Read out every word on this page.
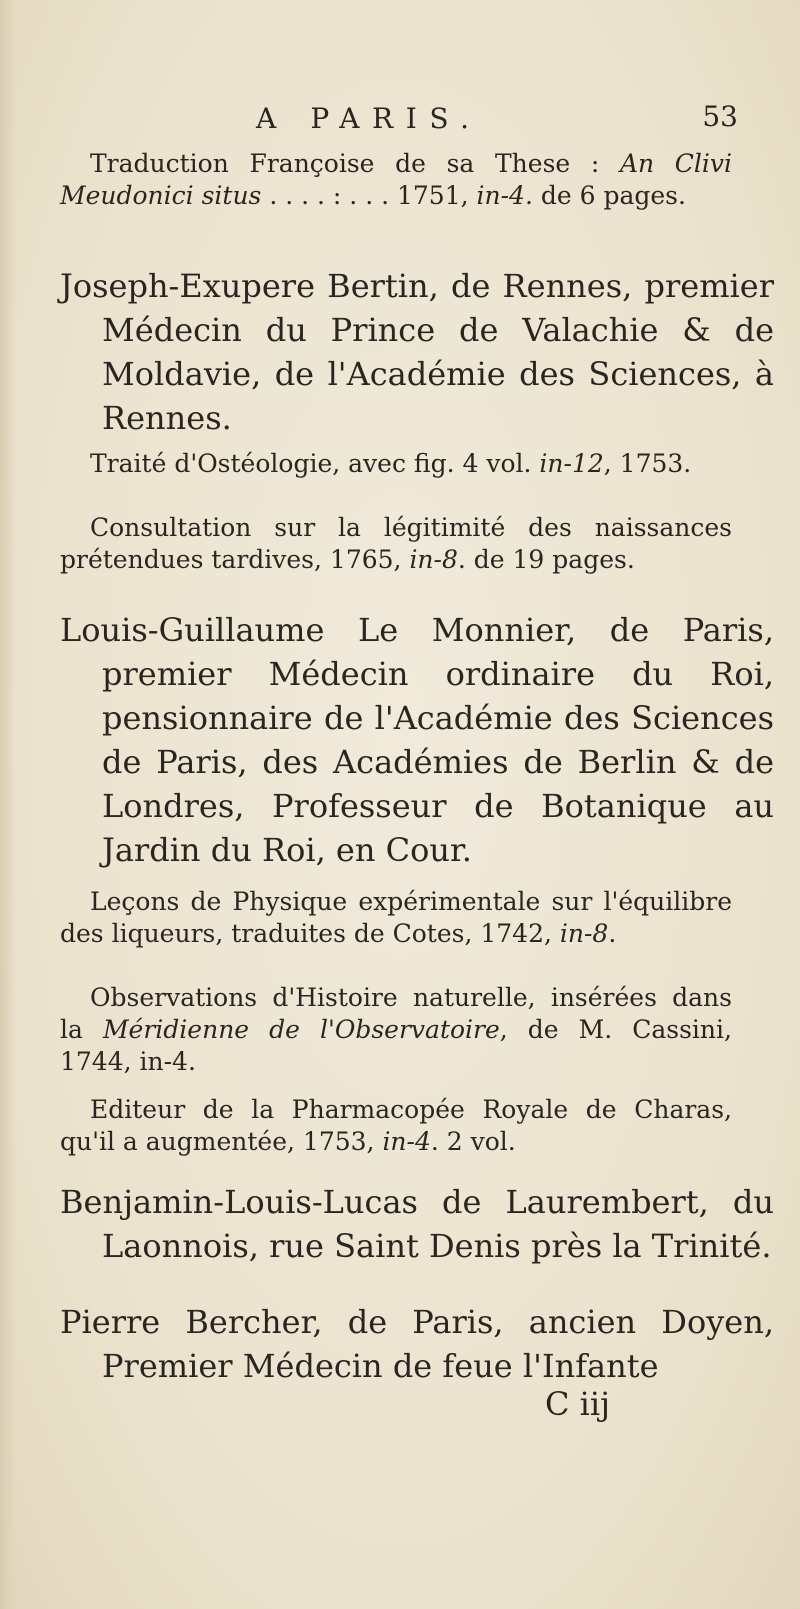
A PARIS.	53

Traduction Françoise de sa These : An Clivi Meudonici situs . . . . : . . . 1751, in-4. de 6 pages.

Joseph-Exupere Bertin, de Rennes, premier Médecin du Prince de Valachie & de Moldavie, de l'Académie des Sciences, à Rennes.

Traité d'Ostéologie, avec fig. 4 vol. in-12, 1753.

Consultation sur la légitimité des naissances prétendues tardives, 1765, in-8. de 19 pages.

Louis-Guillaume Le Monnier, de Paris, premier Médecin ordinaire du Roi, pensionnaire de l'Académie des Sciences de Paris, des Académies de Berlin & de Londres, Professeur de Botanique au Jardin du Roi, en Cour.

Leçons de Physique expérimentale sur l'équilibre des liqueurs, traduites de Cotes, 1742, in-8.

Observations d'Histoire naturelle, insérées dans la Méridienne de l'Observatoire, de M. Cassini, 1744, in-4.

Editeur de la Pharmacopée Royale de Charas, qu'il a augmentée, 1753, in-4. 2 vol.

Benjamin-Louis-Lucas de Laurembert, du Laonnois, rue Saint Denis près la Trinité.

Pierre Bercher, de Paris, ancien Doyen, Premier Médecin de feue l'Infante

C iij
